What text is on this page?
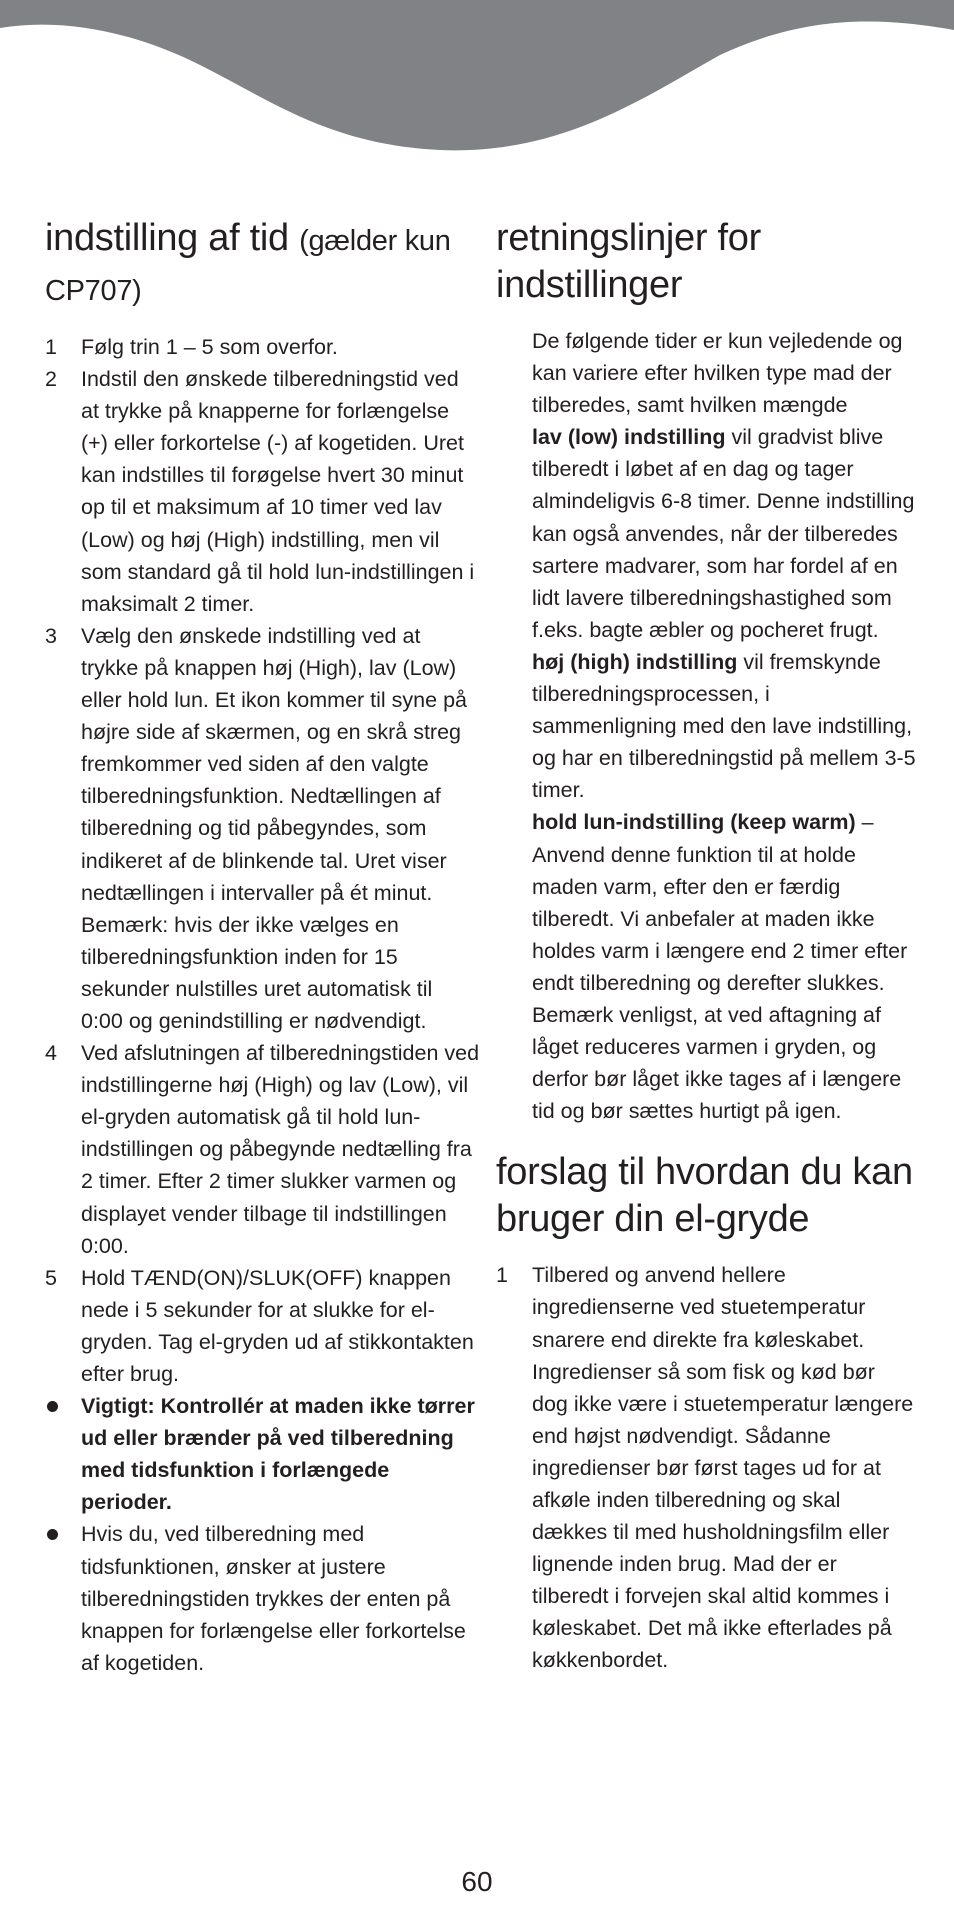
indstilling af tid (gælder kun CP707)
1 Følg trin 1 – 5 som overfor.
2 Indstil den ønskede tilberedningstid ved at trykke på knapperne for forlængelse (+) eller forkortelse (-) af kogetiden. Uret kan indstilles til forøgelse hvert 30 minut op til et maksimum af 10 timer ved lav (Low) og høj (High) indstilling, men vil som standard gå til hold lun-indstillingen i maksimalt 2 timer.
3 Vælg den ønskede indstilling ved at trykke på knappen høj (High), lav (Low) eller hold lun. Et ikon kommer til syne på højre side af skærmen, og en skrå streg fremkommer ved siden af den valgte tilberedningsfunktion. Nedtællingen af tilberedning og tid påbegyndes, som indikeret af de blinkende tal. Uret viser nedtællingen i intervaller på ét minut.
Bemærk: hvis der ikke vælges en tilberedningsfunktion inden for 15 sekunder nulstilles uret automatisk til 0:00 og genindstilling er nødvendigt.
4 Ved afslutningen af tilberedningstiden ved indstillingerne høj (High) og lav (Low), vil el-gryden automatisk gå til hold lun-indstillingen og påbegynde nedtælling fra 2 timer. Efter 2 timer slukker varmen og displayet vender tilbage til indstillingen 0:00.
5 Hold TÆND(ON)/SLUK(OFF) knappen nede i 5 sekunder for at slukke for el-gryden. Tag el-gryden ud af stikkontakten efter brug.
Vigtigt: Kontrollér at maden ikke tørrer ud eller brænder på ved tilberedning med tidsfunktion i forlængede perioder.
Hvis du, ved tilberedning med tidsfunktionen, ønsker at justere tilberedningstiden trykkes der enten på knappen for forlængelse eller forkortelse af kogetiden.
retningslinjer for indstillinger

De følgende tider er kun vejledende og kan variere efter hvilken type mad der tilberedes, samt hvilken mængde

lav (low) indstilling vil gradvist blive tilberedt i løbet af en dag og tager almindeligvis 6-8 timer. Denne indstilling kan også anvendes, når der tilberedes sartere madvarer, som har fordel af en lidt lavere tilberedningshastighed som f.eks. bagte æbler og pocheret frugt.

høj (high) indstilling vil fremskynde tilberedningsprocessen, i sammenligning med den lave indstilling, og har en tilberedningstid på mellem 3-5 timer.

hold lun-indstilling (keep warm) – Anvend denne funktion til at holde maden varm, efter den er færdig tilberedt. Vi anbefaler at maden ikke holdes varm i længere end 2 timer efter endt tilberedning og derefter slukkes. Bemærk venligst, at ved aftagning af låget reduceres varmen i gryden, og derfor bør låget ikke tages af i længere tid og bør sættes hurtigt på igen.

forslag til hvordan du kan bruger din el-gryde
1 Tilbered og anvend hellere ingredienserne ved stuetemperatur snarere end direkte fra køleskabet. Ingredienser så som fisk og kød bør dog ikke være i stuetemperatur længere end højst nødvendigt. Sådanne ingredienser bør først tages ud for at afkøle inden tilberedning og skal dækkes til med husholdningsfilm eller lignende inden brug. Mad der er tilberedt i forvejen skal altid kommes i køleskabet. Det må ikke efterlades på køkkenbordet.
60
